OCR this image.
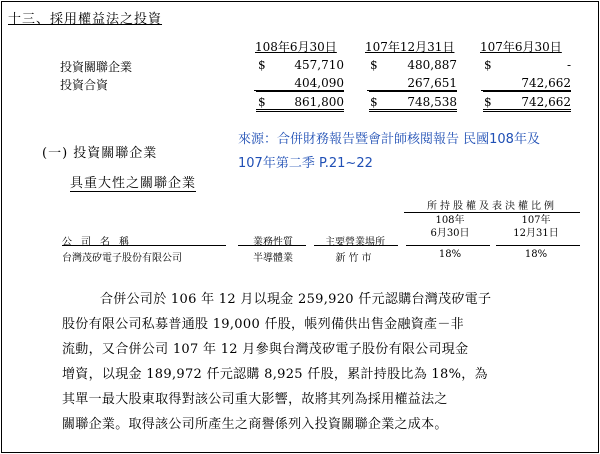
十三、採用權益法之投資
108年6月30日 107年12月31日 107年6月30日
投資關聯企業	$	457,710 $	480,887 $	-
投資合資	404,090	267,651	742,662
$	861,800 $	748,538 $	742,662
(一) 投資關聯企業
具重大性之關聯企業
來源：合併財務報告暨會計師核閱報告 民國108年及
107年第二季 P.21~22
所持股權及表決權比例
108年	107年
6月30日	12月31日
公司名稱	業務性質	主要營業場所
台灣茂矽電子股份有限公司	半導體業	新竹市	18%	18%
合併公司於 106 年 12 月以現金 259,920 仟元認購台灣茂矽電子
股份有限公司私募普通股 19,000 仟股，帳列備供出售金融資產－非
流動，又合併公司 107 年 12 月參與台灣茂矽電子股份有限公司現金
增資，以現金 189,972 仟元認購 8,925 仟股，累計持股比為 18%，為
其單一最大股東取得對該公司重大影響，故將其列為採用權益法之
關聯企業。取得該公司所產生之商譽係列入投資關聯企業之成本。
